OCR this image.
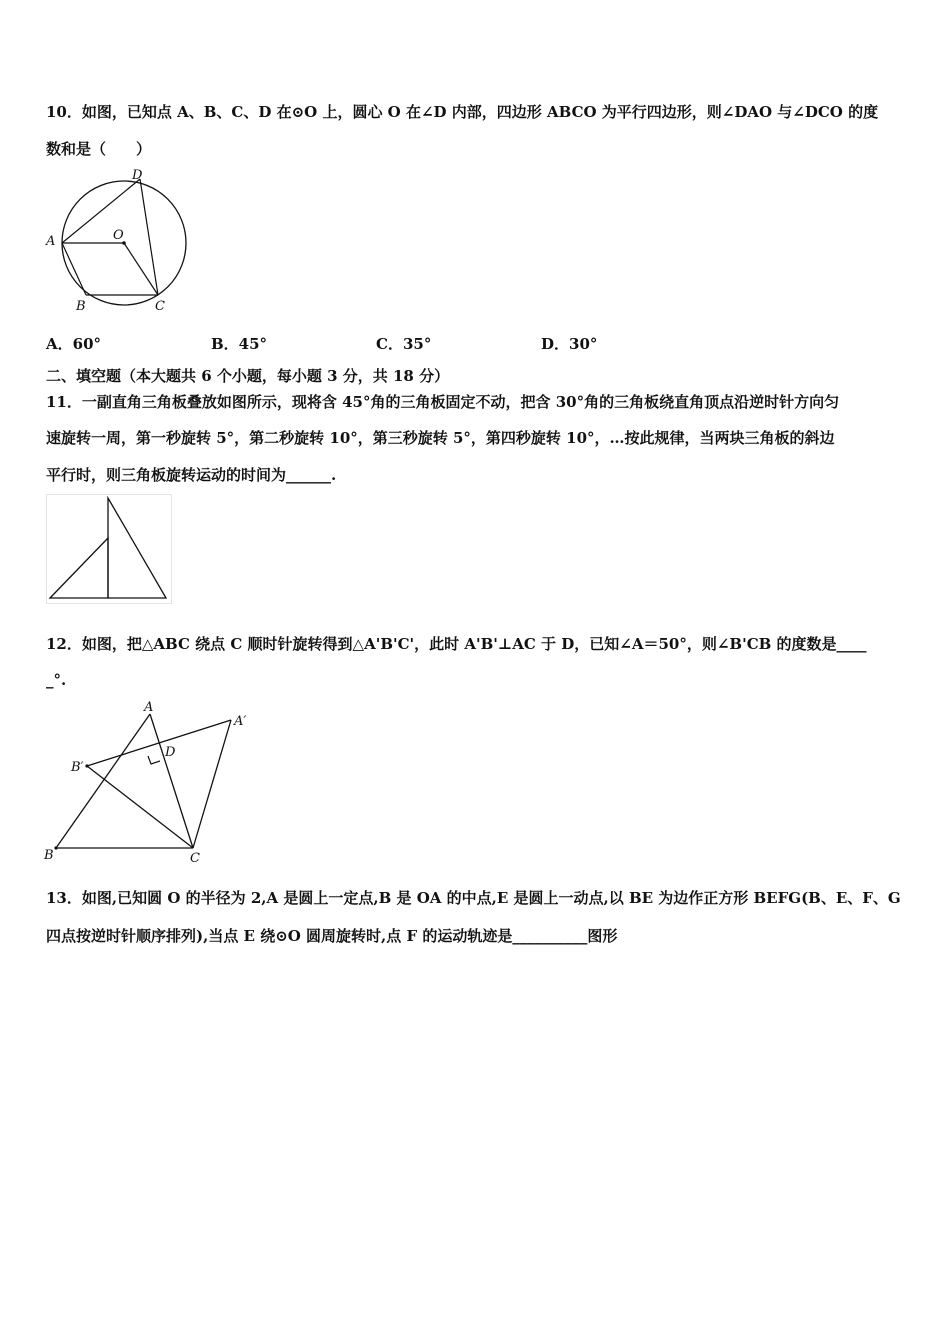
10．如图，已知点 A、B、C、D 在⊙O 上，圆心 O 在∠D 内部，四边形 ABCO 为平行四边形，则∠DAO 与∠DCO 的度
数和是（　　）
A
B	C
D
O
A．60°	B．45°	C．35°	D．30°
二、填空题（本大题共 6 个小题，每小题 3 分，共 18 分）
11．一副直角三角板叠放如图所示，现将含 45°角的三角板固定不动，把含 30°角的三角板绕直角顶点沿逆时针方向匀
速旋转一周，第一秒旋转 5°，第二秒旋转 10°，第三秒旋转 5°，第四秒旋转 10°，…按此规律，当两块三角板的斜边
平行时，则三角板旋转运动的时间为______.
12．如图，把△ABC 绕点 C 顺时针旋转得到△A'B'C'，此时 A'B'⊥AC 于 D，已知∠A＝50°，则∠B'CB 的度数是____
_°.
A
A′
B′
B	C
D
13．如图,已知圆 O 的半径为 2,A 是圆上一定点,B 是 OA 的中点,E 是圆上一动点,以 BE 为边作正方形 BEFG(B、E、F、G
四点按逆时针顺序排列),当点 E 绕⊙O 圆周旋转时,点 F 的运动轨迹是__________图形
